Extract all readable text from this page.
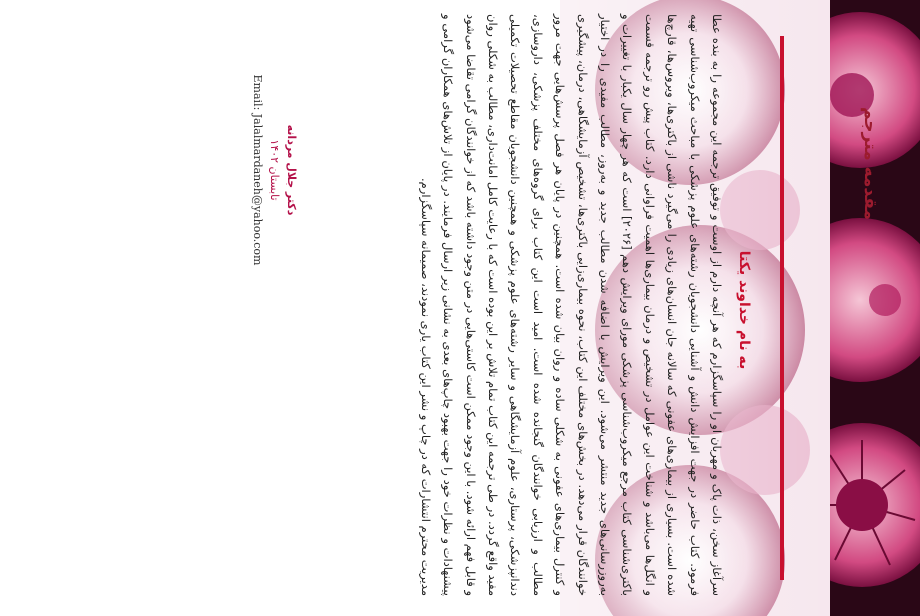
مقدمه مترجم
به نام خداوند یکتا
سرآغاز سخن، ذات پاک و مهربان او را سپاسگزارم که هر آنچه دارم از اوست و توفیق ترجمه این مجموعه را به بنده عطا فرمود. کتاب حاضر در جهت افزایش دانش و آشنایی دانشجویان رشته‌های علوم پزشکی با مباحث میکروب‌شناسی تهیه شده است. بسیاری از بیماری‌های عفونی که سالانه جان انسان‌های زیادی را می‌گیرد ناشی از باکتری‌ها، ویروس‌ها، قارچ‌ها و انگل‌ها می‌باشد و شناخت این عوامل در تشخیص و درمان بیماری‌ها اهمیت فراوانی دارد. کتاب پیش رو ترجمه قسمت باکتری‌شناسی کتاب مرجع میکروب‌شناسی پزشکی مورای ویرایش دهم [۲۰۲۶] است که هر چهار سال یکبار با تغییرات و به‌روزرسانی‌های جدید منتشر می‌شود. این ویرایش با اضافه شدن مطالب جدید و به‌روز، مطالب مفیدی را در اختیار خوانندگان قرار می‌دهد. در بخش‌های مختلف این کتاب، نحوه بیماری‌زایی باکتری‌ها، تشخیص آزمایشگاهی، درمان، پیشگیری و کنترل بیماری‌های عفونی به شکلی ساده و روان بیان شده است. همچنین در پایان هر فصل پرسش‌هایی جهت مرور مطالب و ارزیابی خوانندگان گنجانده شده است. امید است این کتاب برای گروه‌های مختلف پزشکی، داروسازی، دندانپزشکی، پرستاری، علوم آزمایشگاهی و سایر رشته‌های علوم پزشکی و همچنین دانشجویان مقاطع تحصیلات تکمیلی مفید واقع گردد. در طی ترجمه این کتاب تمام تلاش بر این بوده است که با رعایت کامل امانت‌داری، مطالب به شکلی روان و قابل فهم ارائه شود. با این وجود ممکن است کاستی‌هایی در متن وجود داشته باشد که از خوانندگان گرامی تقاضا می‌شود پیشنهادات و نظرات خود را جهت بهبود چاپ‌های بعدی به نشانی زیر ارسال فرمایند. در پایان از تلاش‌های همکاران گرامی و مدیریت محترم انتشارات که در چاپ و نشر این کتاب یاری نمودند، صمیمانه سپاسگزارم.
دکتر جلال مردانه
تابستان ۱۴۰۲
Email: Jalalmardaneh@yahoo.com
